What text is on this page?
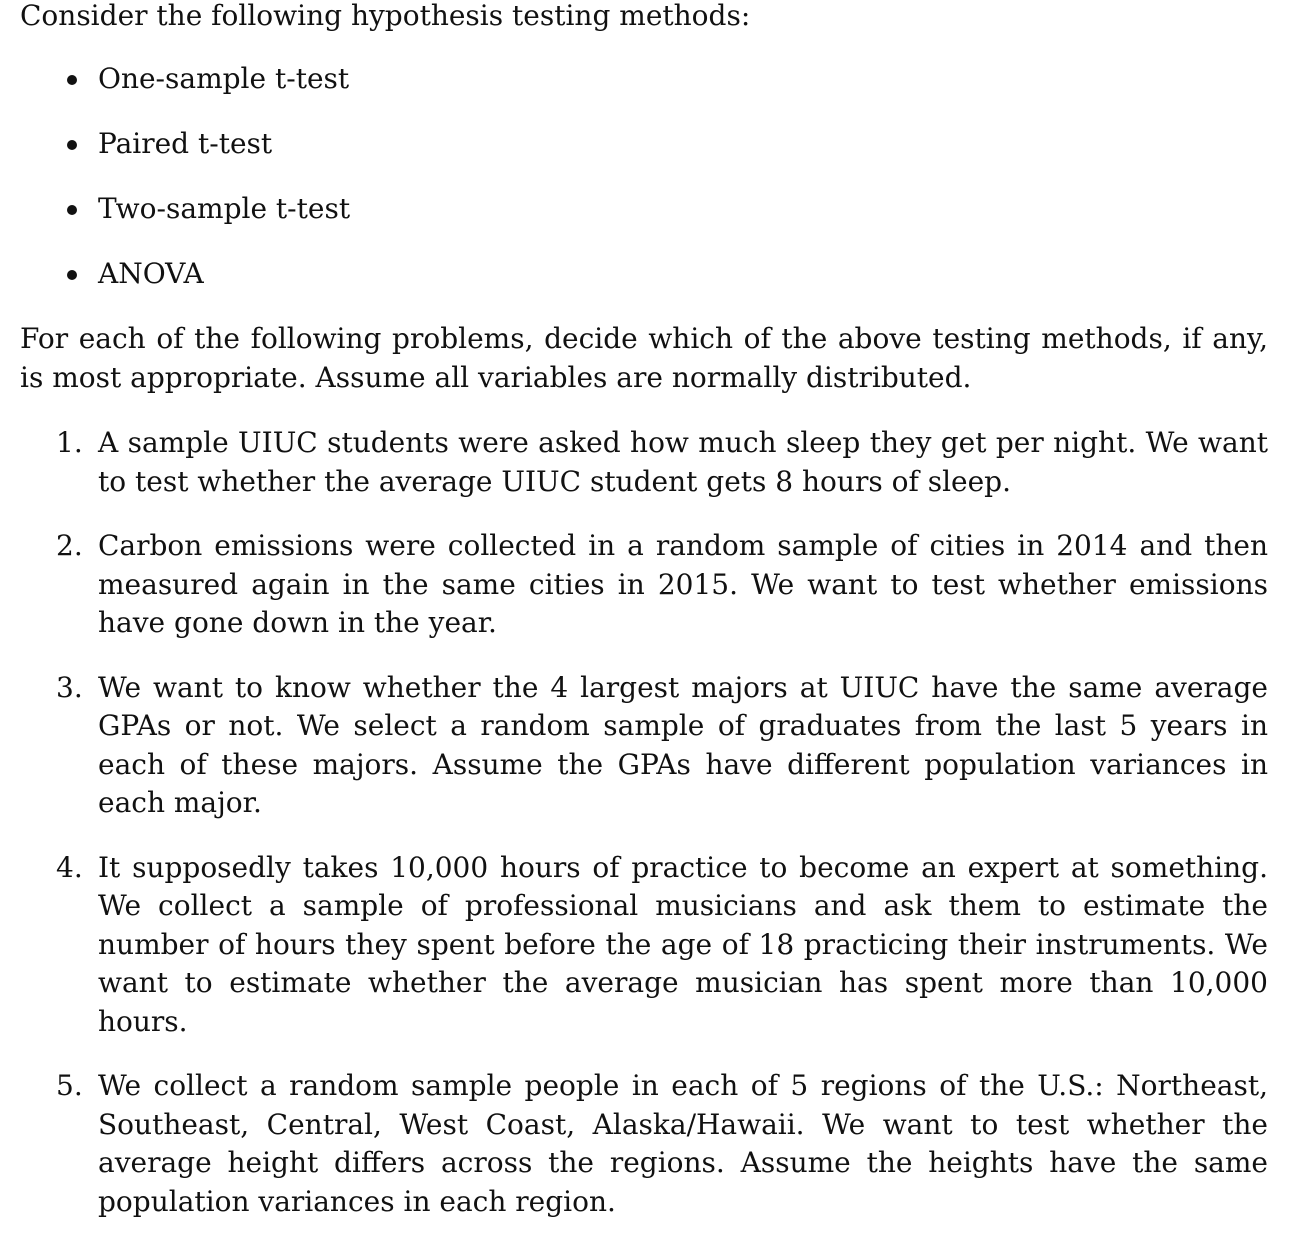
Consider the following hypothesis testing methods:

One-sample t-test
Paired t-test
Two-sample t-test
ANOVA

For each of the following problems, decide which of the above testing methods, if any, is most appropriate. Assume all variables are normally distributed.

1. A sample UIUC students were asked how much sleep they get per night. We want to test whether the average UIUC student gets 8 hours of sleep.
2. Carbon emissions were collected in a random sample of cities in 2014 and then measured again in the same cities in 2015. We want to test whether emissions have gone down in the year.
3. We want to know whether the 4 largest majors at UIUC have the same average GPAs or not. We select a random sample of graduates from the last 5 years in each of these majors. Assume the GPAs have different population variances in each major.
4. It supposedly takes 10,000 hours of practice to become an expert at something. We collect a sample of professional musicians and ask them to estimate the number of hours they spent before the age of 18 practicing their instruments. We want to estimate whether the average musician has spent more than 10,000 hours.
5. We collect a random sample people in each of 5 regions of the U.S.: Northeast, Southeast, Central, West Coast, Alaska/Hawaii. We want to test whether the average height differs across the regions. Assume the heights have the same population variances in each region.
